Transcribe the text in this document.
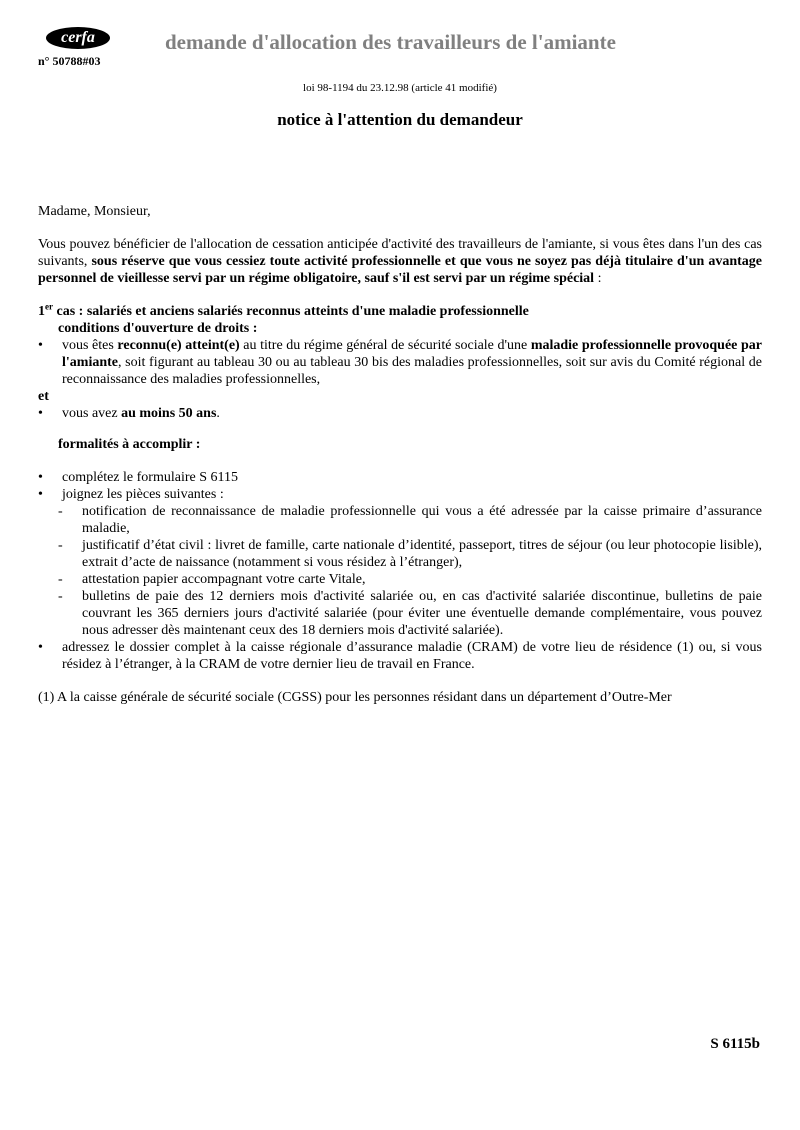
cerfa
n° 50788#03
demande d'allocation des travailleurs de l'amiante
loi 98-1194 du 23.12.98 (article 41 modifié)
notice à l'attention du demandeur

Madame, Monsieur,

Vous pouvez bénéficier de l'allocation de cessation anticipée d'activité des travailleurs de l'amiante, si vous êtes dans l'un des cas suivants, sous réserve que vous cessiez toute activité professionnelle et que vous ne soyez pas déjà titulaire d'un avantage personnel de vieillesse servi par un régime obligatoire, sauf s'il est servi par un régime spécial :

1er cas : salariés et anciens salariés reconnus atteints d'une maladie professionnelle

conditions d'ouverture de droits :

•	vous êtes reconnu(e) atteint(e) au titre du régime général de sécurité sociale d'une maladie professionnelle provoquée par l'amiante, soit figurant au tableau 30 ou au tableau 30 bis des maladies professionnelles, soit sur avis du Comité régional de reconnaissance des maladies professionnelles,

et

•	vous avez au moins 50 ans.

formalités à accomplir :

•	complétez le formulaire S 6115
•	joignez les pièces suivantes :
-	notification de reconnaissance de maladie professionnelle qui vous a été adressée par la caisse primaire d’assurance maladie,
-	justificatif d’état civil : livret de famille, carte nationale d’identité, passeport, titres de séjour (ou leur photocopie lisible), extrait d’acte de naissance (notamment si vous résidez à l’étranger),
-	attestation papier accompagnant votre carte Vitale,
-	bulletins de paie des 12 derniers mois d'activité salariée ou, en cas d'activité salariée discontinue, bulletins de paie couvrant les 365 derniers jours d'activité salariée (pour éviter une éventuelle demande complémentaire, vous pouvez nous adresser dès maintenant ceux des 18 derniers mois d'activité salariée).
•	adressez le dossier complet à la caisse régionale d’assurance maladie (CRAM) de votre lieu de résidence (1) ou, si vous résidez à l’étranger, à la CRAM de votre dernier lieu de travail en France.

(1) A la caisse générale de sécurité sociale (CGSS) pour les personnes résidant dans un département d’Outre-Mer

S 6115b
